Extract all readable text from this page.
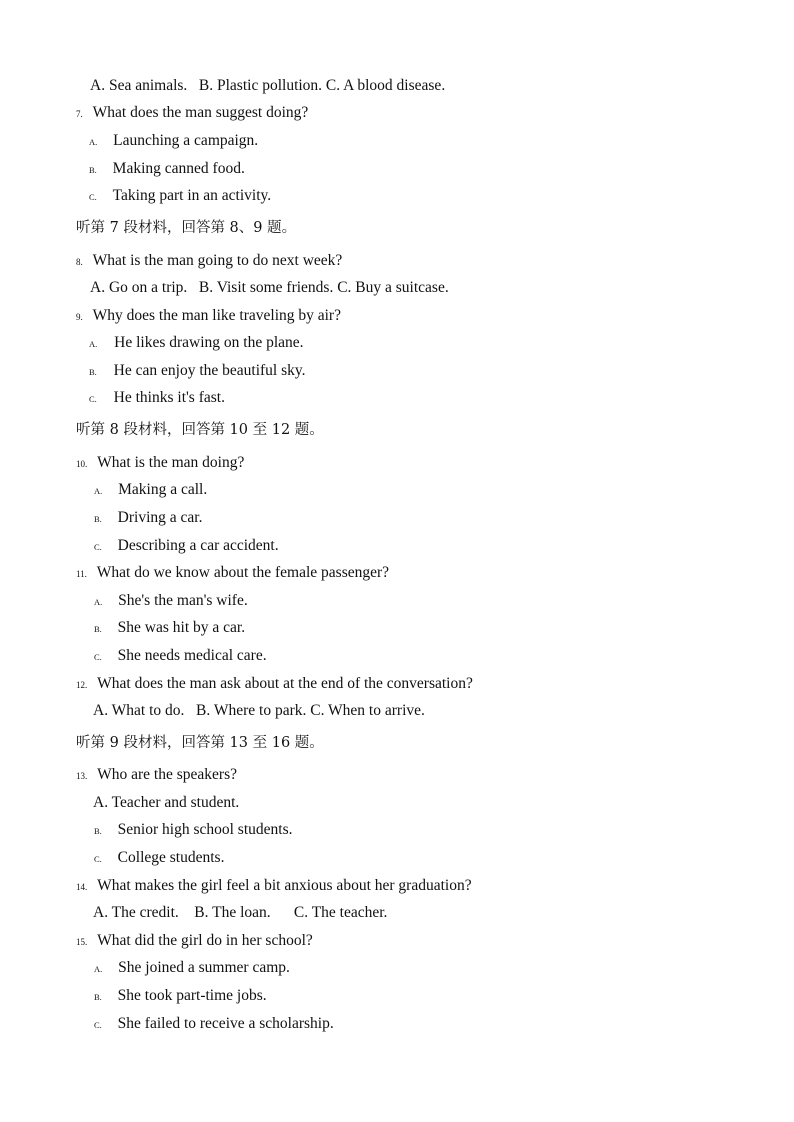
A. Sea animals.   B. Plastic pollution. C. A blood disease.
7. What does the man suggest doing?
A. Launching a campaign.
B. Making canned food.
C. Taking part in an activity.
听第 7 段材料，回答第 8、9 题。
8. What is the man going to do next week?
A. Go on a trip.   B. Visit some friends. C. Buy a suitcase.
9. Why does the man like traveling by air?
A. He likes drawing on the plane.
B. He can enjoy the beautiful sky.
C. He thinks it's fast.
听第 8 段材料，回答第 10 至 12 题。
10. What is the man doing?
A. Making a call.
B. Driving a car.
C. Describing a car accident.
11. What do we know about the female passenger?
A. She's the man's wife.
B. She was hit by a car.
C. She needs medical care.
12. What does the man ask about at the end of the conversation?
A. What to do.   B. Where to park. C. When to arrive.
听第 9 段材料，回答第 13 至 16 题。
13. Who are the speakers?
A. Teacher and student.
B. Senior high school students.
C. College students.
14. What makes the girl feel a bit anxious about her graduation?
A. The credit.    B. The loan.      C. The teacher.
15. What did the girl do in her school?
A. She joined a summer camp.
B. She took part-time jobs.
C. She failed to receive a scholarship.
